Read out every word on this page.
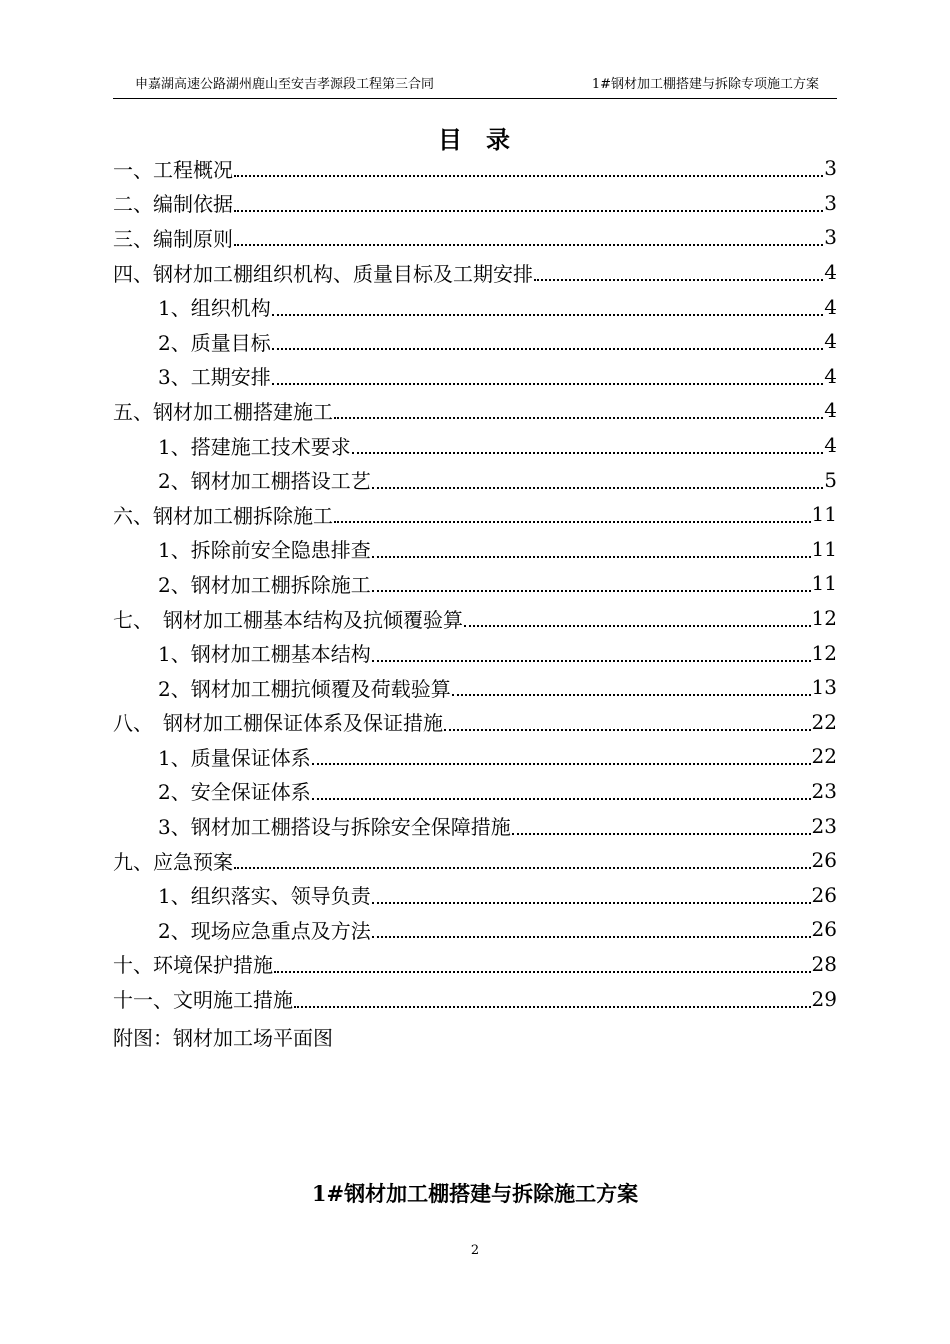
申嘉湖高速公路湖州鹿山至安吉孝源段工程第三合同	1#钢材加工棚搭建与拆除专项施工方案
目 录
一、工程概况	3
二、编制依据	3
三、编制原则	3
四、钢材加工棚组织机构、质量目标及工期安排	4
1、组织机构	4
2、质量目标	4
3、工期安排	4
五、钢材加工棚搭建施工	4
1、搭建施工技术要求	4
2、钢材加工棚搭设工艺	5
六、钢材加工棚拆除施工	11
1、拆除前安全隐患排查	11
2、钢材加工棚拆除施工	11
七、　钢材加工棚基本结构及抗倾覆验算	12
1、钢材加工棚基本结构	12
2、钢材加工棚抗倾覆及荷载验算	13
八、　钢材加工棚保证体系及保证措施	22
1、质量保证体系	22
2、安全保证体系	23
3、钢材加工棚搭设与拆除安全保障措施	23
九、应急预案	26
1、组织落实、领导负责	26
2、现场应急重点及方法	26
十、环境保护措施	28
十一、文明施工措施	29
附图：钢材加工场平面图
1#钢材加工棚搭建与拆除施工方案
2
